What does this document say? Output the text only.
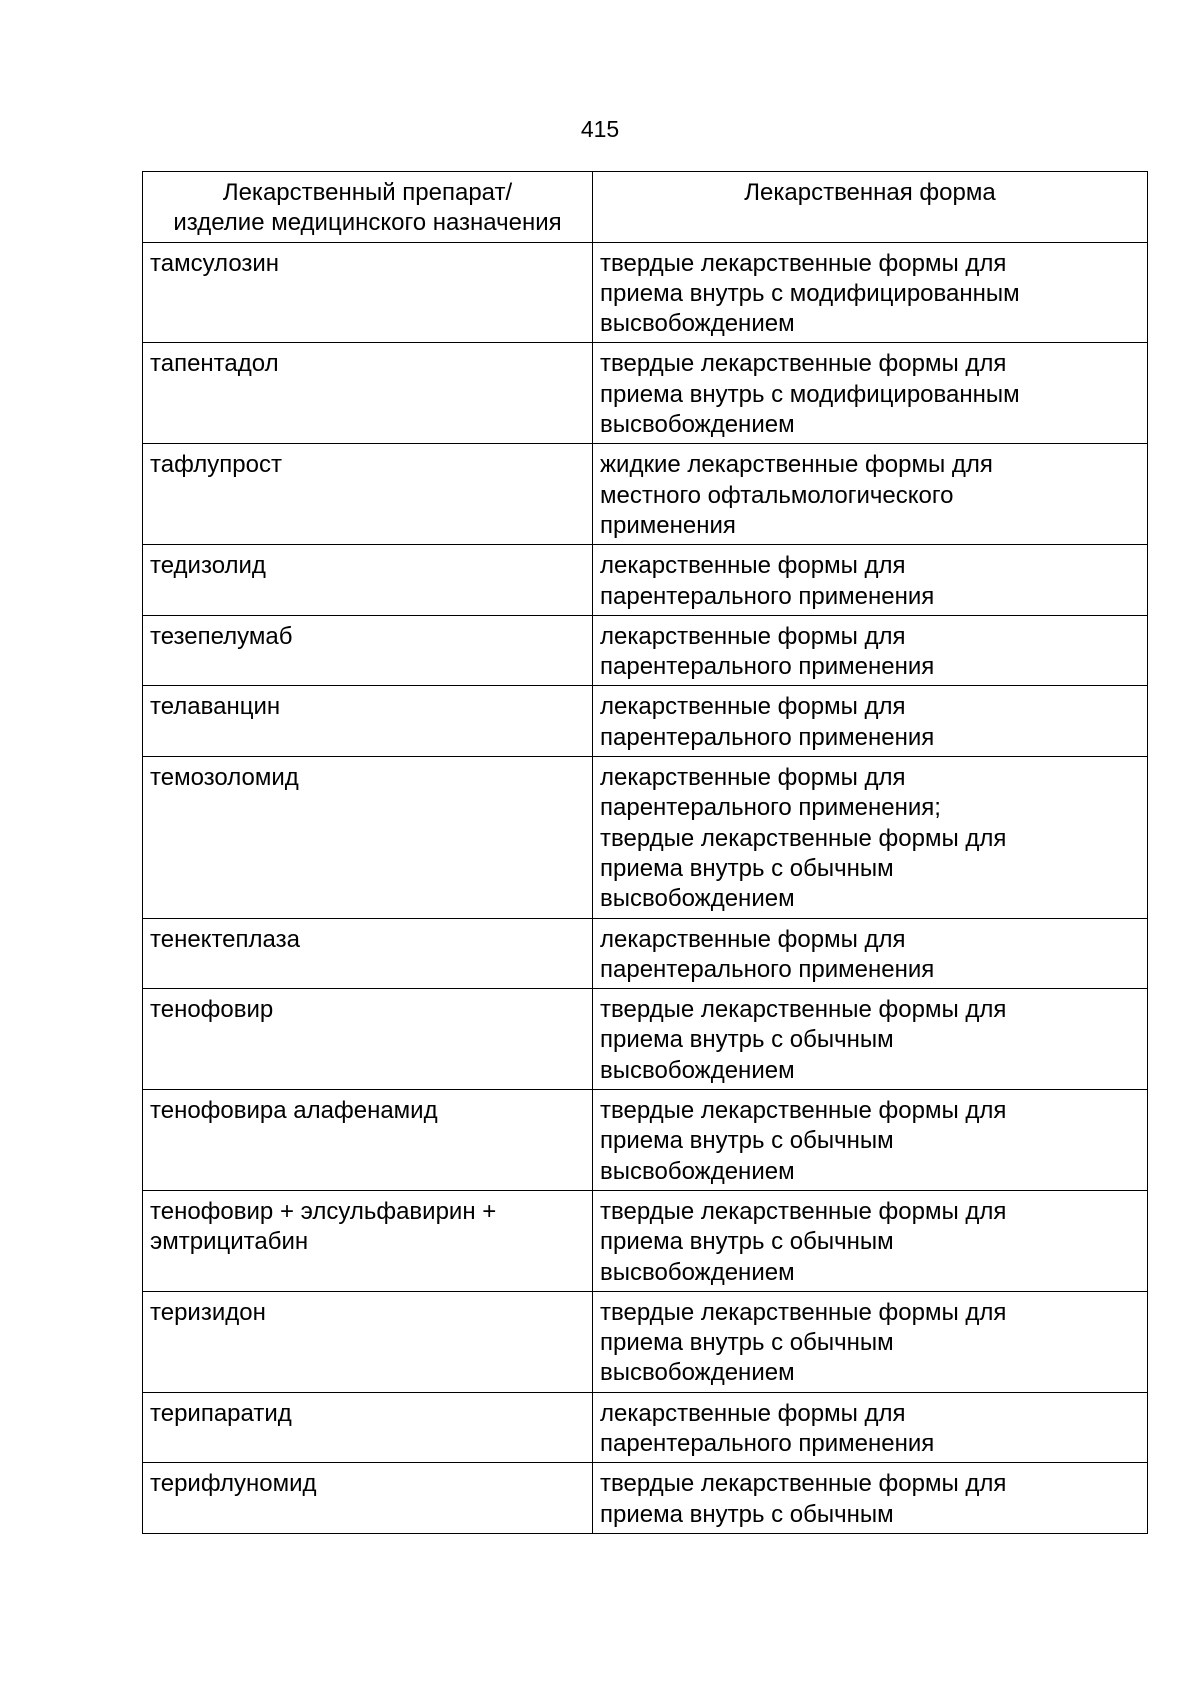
415
Лекарственный препарат/
изделие медицинского назначения	Лекарственная форма
тамсулозин	твердые лекарственные формы для
приема внутрь с модифицированным
высвобождением
тапентадол	твердые лекарственные формы для
приема внутрь с модифицированным
высвобождением
тафлупрост	жидкие лекарственные формы для
местного офтальмологического
применения
тедизолид	лекарственные формы для
парентерального применения
тезепелумаб	лекарственные формы для
парентерального применения
телаванцин	лекарственные формы для
парентерального применения
темозоломид	лекарственные формы для
парентерального применения;
твердые лекарственные формы для
приема внутрь с обычным
высвобождением
тенектеплаза	лекарственные формы для
парентерального применения
тенофовир	твердые лекарственные формы для
приема внутрь с обычным
высвобождением
тенофовира алафенамид	твердые лекарственные формы для
приема внутрь с обычным
высвобождением
тенофовир + элсульфавирин +
эмтрицитабин	твердые лекарственные формы для
приема внутрь с обычным
высвобождением
теризидон	твердые лекарственные формы для
приема внутрь с обычным
высвобождением
терипаратид	лекарственные формы для
парентерального применения
терифлуномид	твердые лекарственные формы для
приема внутрь с обычным
